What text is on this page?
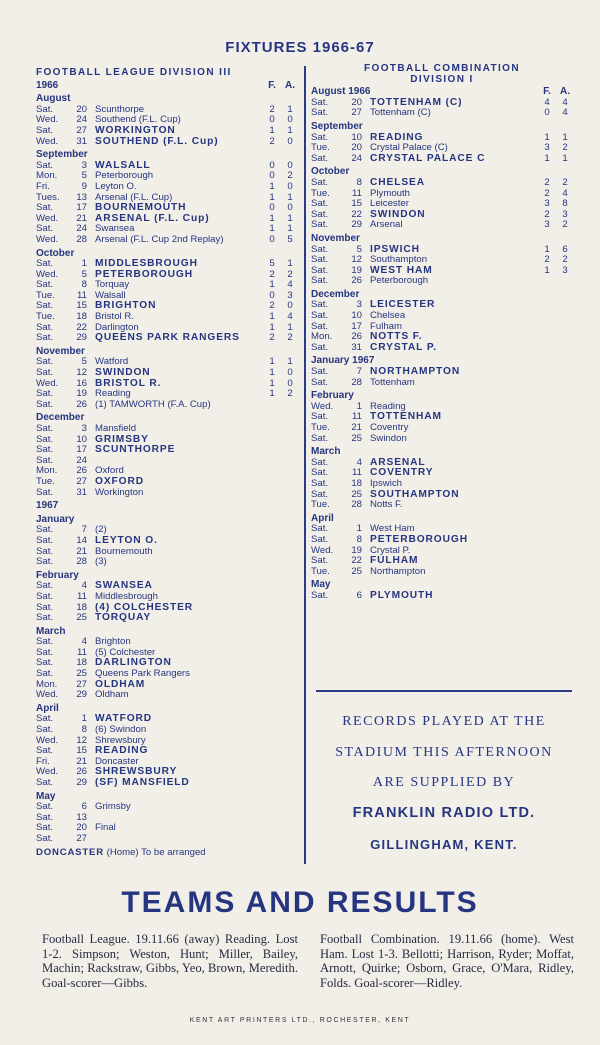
FIXTURES 1966-67
FOOTBALL LEAGUE DIVISION III
1966	F. A.
August
Sat.	20 Scunthorpe	2	1
Wed.	24 Southend (F.L. Cup)	0	0
Sat.	27 WORKINGTON	1	1
Wed.	31 SOUTHEND (F.L. Cup)	2	0
September
Sat.	3 WALSALL	0	0
Mon.	5 Peterborough	0	2
Fri.	9 Leyton O.	1	0
Tues.	13 Arsenal (F.L. Cup)	1	1
Sat.	17 BOURNEMOUTH	0	0
Wed.	21 ARSENAL (F.L. Cup)	1	1
Sat.	24 Swansea	1	1
Wed.	28 Arsenal (F.L. Cup 2nd Replay)	0	5
October
Sat.	1 MIDDLESBROUGH	5	1
Wed.	5 PETERBOROUGH	2	2
Sat.	8 Torquay	1	4
Tue.	11 Walsall	0	3
Sat.	15 BRIGHTON	2	0
Tue.	18 Bristol R.	1	4
Sat.	22 Darlington	1	1
Sat.	29 QUEENS PARK RANGERS	2	2
November
Sat.	5 Watford	1	1
Sat.	12 SWINDON	1	0
Wed.	16 BRISTOL R.	1	0
Sat.	19 Reading	1	2
Sat.	26 (1) TAMWORTH (F.A. Cup)
December
Sat.	3 Mansfield
Sat.	10 GRIMSBY
Sat.	17 SCUNTHORPE
Sat.	24
Mon.	26 Oxford
Tue.	27 OXFORD
Sat.	31 Workington
1967
January
Sat.	7 (2)
Sat.	14 LEYTON O.
Sat.	21 Bournemouth
Sat.	28 (3)
February
Sat.	4 SWANSEA
Sat.	11 Middlesbrough
Sat.	18 (4) COLCHESTER
Sat.	25 TORQUAY
March
Sat.	4 Brighton
Sat.	11 (5) Colchester
Sat.	18 DARLINGTON
Sat.	25 Queens Park Rangers
Mon.	27 OLDHAM
Wed.	29 Oldham
April
Sat.	1 WATFORD
Sat.	8 (6) Swindon
Wed.	12 Shrewsbury
Sat.	15 READING
Fri.	21 Doncaster
Wed.	26 SHREWSBURY
Sat.	29 (SF) MANSFIELD
May
Sat.	6 Grimsby
Sat.	13
Sat.	20 Final
Sat.	27
DONCASTER (Home) To be arranged
FOOTBALL COMBINATION
DIVISION I
August 1966	F. A.
Sat.	20 TOTTENHAM (C)	4	4
Sat.	27 Tottenham (C)	0	4
September
Sat.	10 READING	1	1
Tue.	20 Crystal Palace (C)	3	2
Sat.	24 CRYSTAL PALACE C	1	1
October
Sat.	8 CHELSEA	2	2
Tue.	11 Plymouth	2	4
Sat.	15 Leicester	3	8
Sat.	22 SWINDON	2	3
Sat.	29 Arsenal	3	2
November
Sat.	5 IPSWICH	1	6
Sat.	12 Southampton	2	2
Sat.	19 WEST HAM	1	3
Sat.	26 Peterborough
December
Sat.	3 LEICESTER
Sat.	10 Chelsea
Sat.	17 Fulham
Mon.	26 NOTTS F.
Sat.	31 CRYSTAL P.
January 1967
Sat.	7 NORTHAMPTON
Sat.	28 Tottenham
February
Wed.	1 Reading
Sat.	11 TOTTENHAM
Tue.	21 Coventry
Sat.	25 Swindon
March
Sat.	4 ARSENAL
Sat.	11 COVENTRY
Sat.	18 Ipswich
Sat.	25 SOUTHAMPTON
Tue.	28 Notts F.
April
Sat.	1 West Ham
Sat.	8 PETERBOROUGH
Wed.	19 Crystal P.
Sat.	22 FULHAM
Tue.	25 Northampton
May
Sat.	6 PLYMOUTH
RECORDS PLAYED AT THE
STADIUM THIS AFTERNOON
ARE SUPPLIED BY
FRANKLIN RADIO LTD.
GILLINGHAM, KENT.
TEAMS AND RESULTS
Football League. 19.11.66 (away) Reading. Lost 1-2. Simpson; Weston, Hunt; Miller, Bailey, Machin; Rackstraw, Gibbs, Yeo, Brown, Meredith. Goal-scorer—Gibbs.
Football Combination. 19.11.66 (home). West Ham. Lost 1-3. Bellotti; Harrison, Ryder; Moffat, Arnott, Quirke; Osborn, Grace, O'Mara, Ridley, Folds. Goal-scorer—Ridley.
KENT ART PRINTERS LTD., ROCHESTER, KENT
